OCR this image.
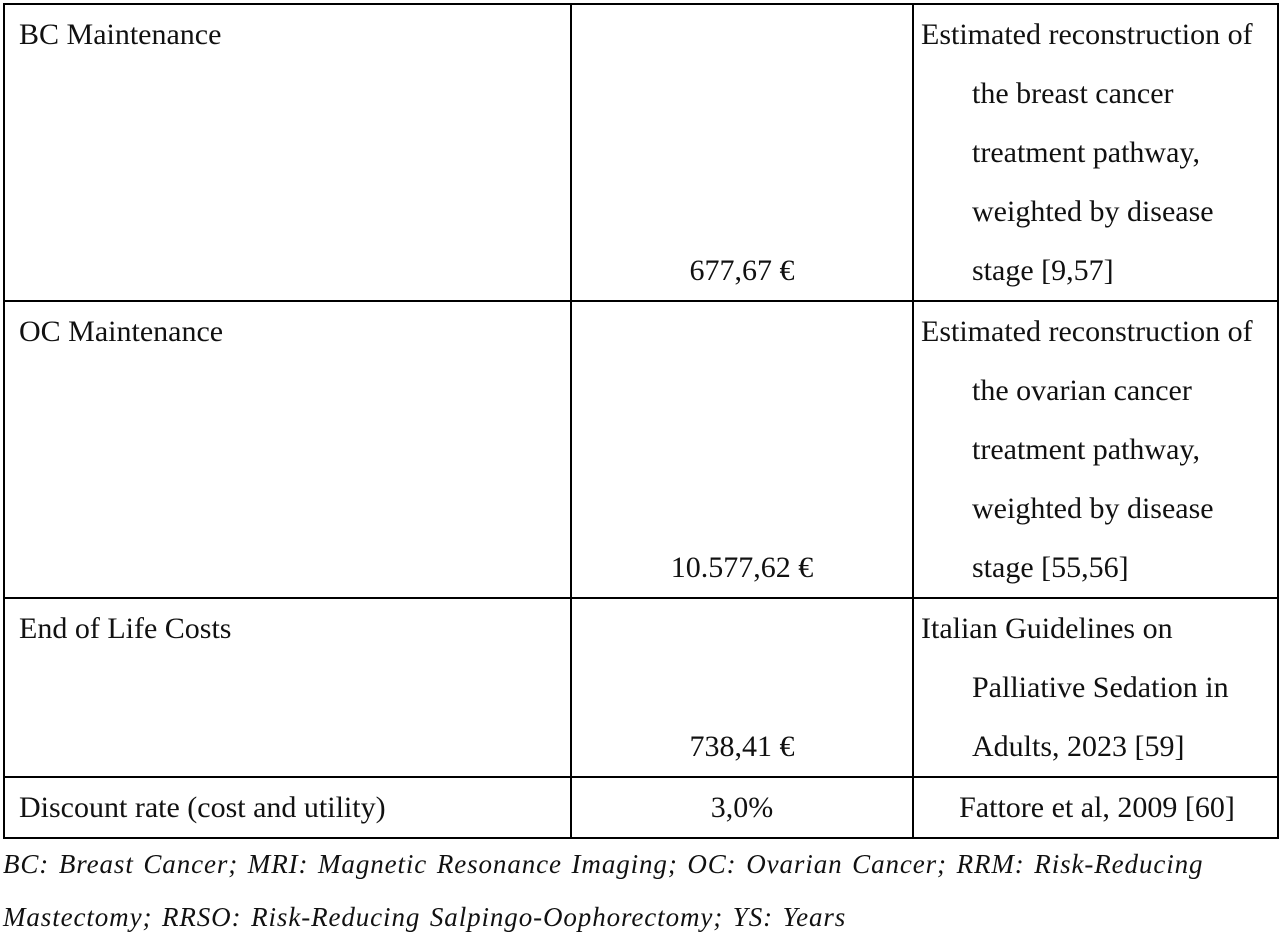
BC Maintenance	677,67 €	Estimated reconstruction of the breast cancer treatment pathway, weighted by disease stage [9,57]

OC Maintenance	10.577,62 €	Estimated reconstruction of the ovarian cancer treatment pathway, weighted by disease stage [55,56]

End of Life Costs	738,41 €	Italian Guidelines on Palliative Sedation in Adults, 2023 [59]

Discount rate (cost and utility)	3,0%	Fattore et al, 2009 [60]
BC: Breast Cancer; MRI: Magnetic Resonance Imaging; OC: Ovarian Cancer; RRM: Risk-Reducing Mastectomy; RRSO: Risk-Reducing Salpingo-Oophorectomy; YS: Years
